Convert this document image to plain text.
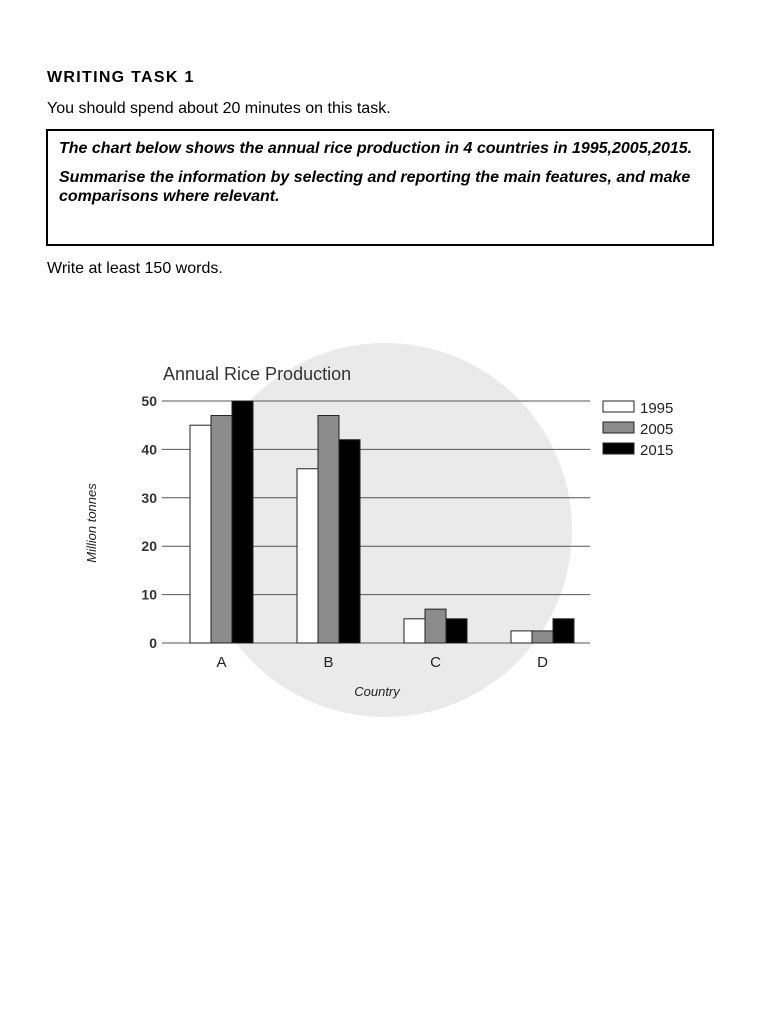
WRITING TASK 1

You should spend about 20 minutes on this task.

The chart below shows the annual rice production in 4 countries in 1995,2005,2015.

Summarise the information by selecting and reporting the main features, and make comparisons where relevant.

Write at least 150 words.

Annual Rice Production
0
10
20
30
40
50
A	B	C	D
Country
Million tonnes
1995
2005
2015
